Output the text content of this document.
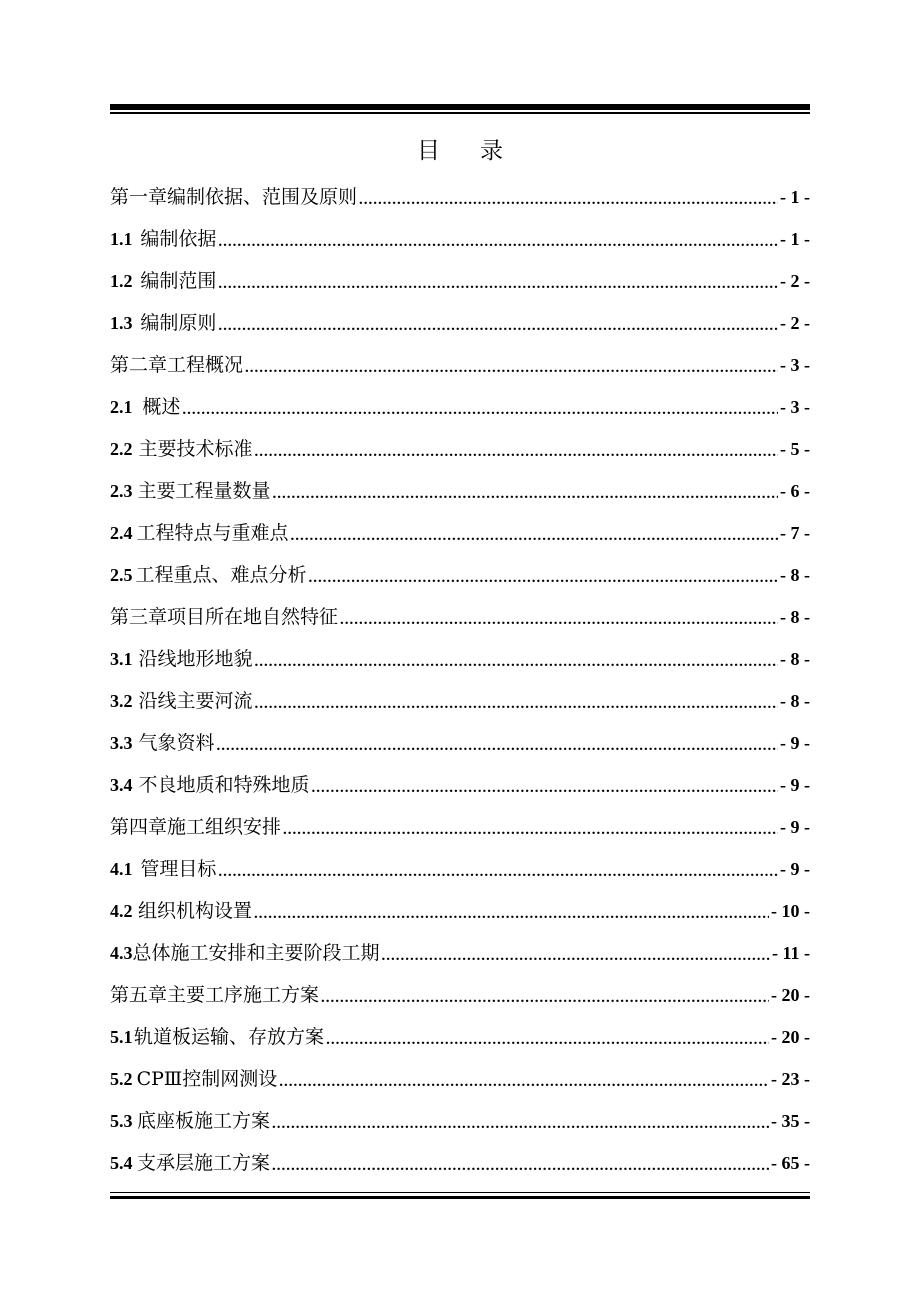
目 录
第一章 编制依据、范围及原则 .....	- 1 -
1.1 编制依据 .....	- 1 -
1.2 编制范围 .....	- 2 -
1.3 编制原则 .....	- 2 -
第二章 工程概况 .....	- 3 -
2.1 概述 .....	- 3 -
2.2 主要技术标准 .....	- 5 -
2.3 主要工程量数量 .....	- 6 -
2.4 工程特点与重难点 .....	- 7 -
2.5 工程重点、难点分析 .....	- 8 -
第三章 项目所在地自然特征 .....	- 8 -
3.1 沿线地形地貌 .....	- 8 -
3.2 沿线主要河流 .....	- 8 -
3.3 气象资料 .....	- 9 -
3.4 不良地质和特殊地质 .....	- 9 -
第四章 施工组织安排 .....	- 9 -
4.1 管理目标 .....	- 9 -
4.2 组织机构设置 .....	- 10 -
4.3 总体施工安排和主要阶段工期 .....	- 11 -
第五章 主要工序施工方案 .....	- 20 -
5.1 轨道板运输、存放方案 .....	- 20 -
5.2 CPⅢ控制网测设 .....	- 23 -
5.3 底座板施工方案 .....	- 35 -
5.4 支承层施工方案 .....	- 65 -
